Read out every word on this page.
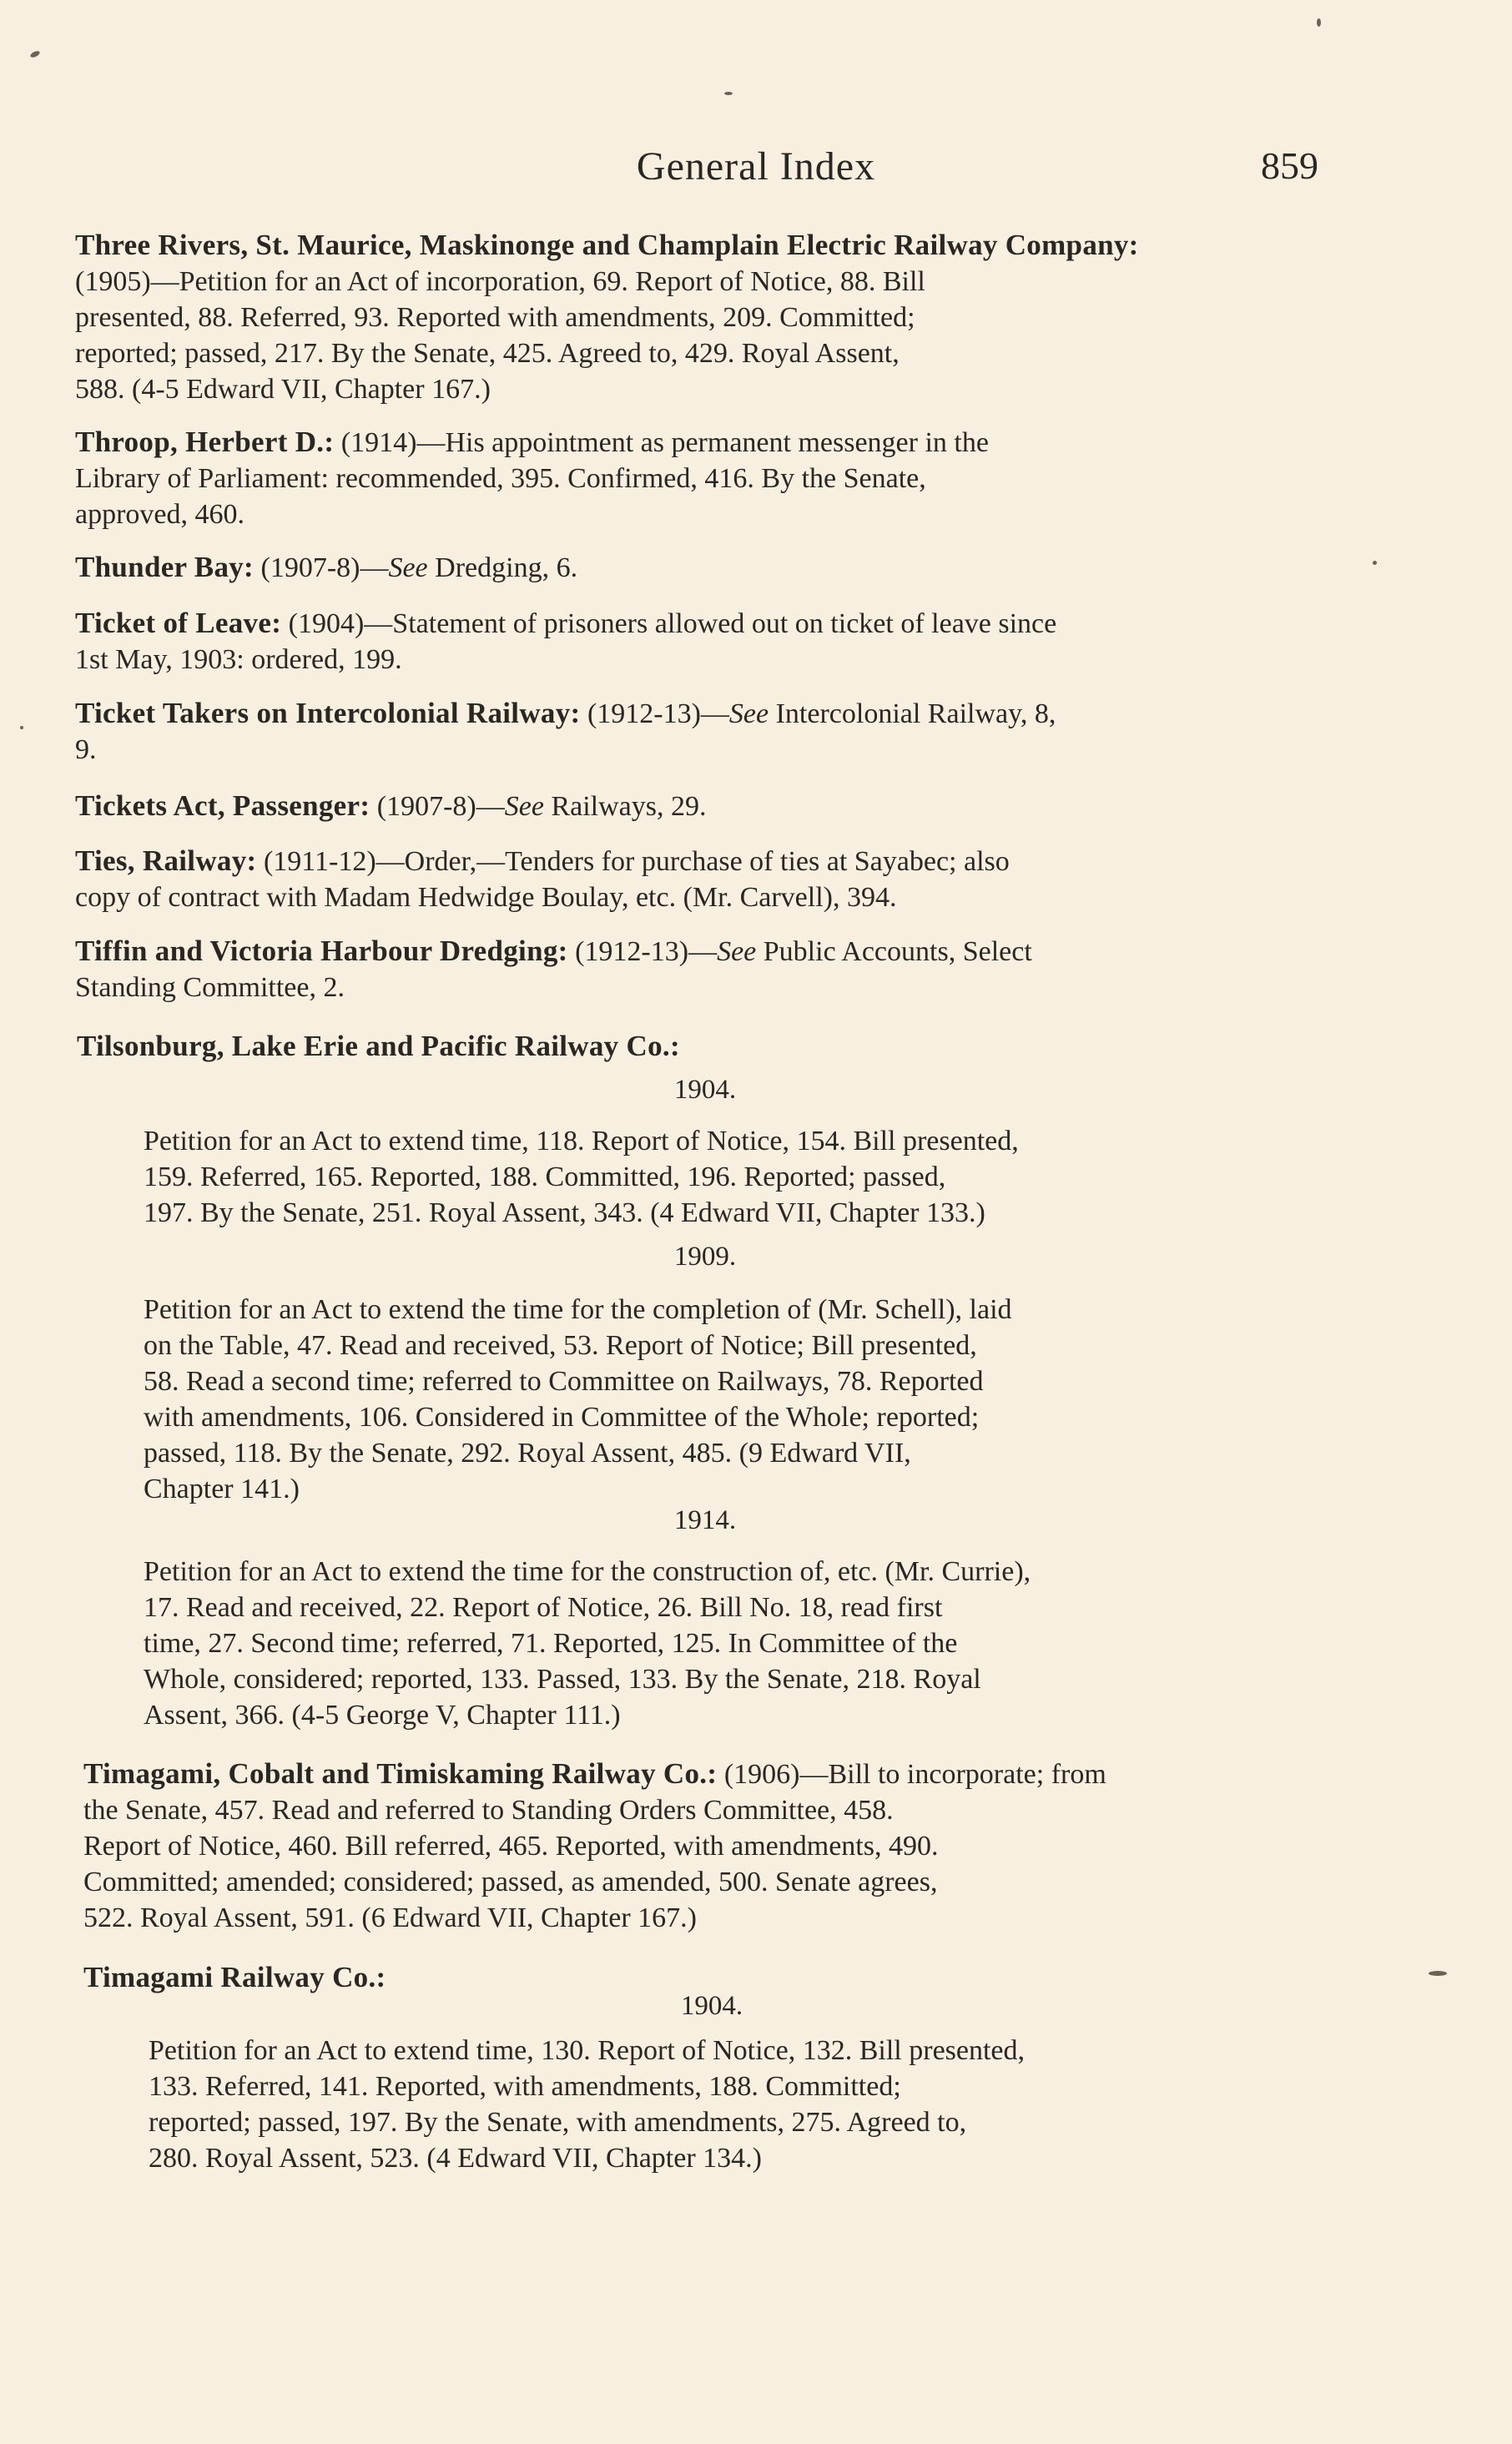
General Index	859
Three Rivers, St. Maurice, Maskinonge and Champlain Electric Railway Company:
(1905)—Petition for an Act of incorporation, 69. Report of Notice, 88. Bill
presented, 88. Referred, 93. Reported with amendments, 209. Committed;
reported; passed, 217. By the Senate, 425. Agreed to, 429. Royal Assent,
588. (4-5 Edward VII, Chapter 167.)
Throop, Herbert D.: (1914)—His appointment as permanent messenger in the
Library of Parliament: recommended, 395. Confirmed, 416. By the Senate,
approved, 460.
Thunder Bay: (1907-8)—See Dredging, 6.
Ticket of Leave: (1904)—Statement of prisoners allowed out on ticket of leave since
1st May, 1903: ordered, 199.
Ticket Takers on Intercolonial Railway: (1912-13)—See Intercolonial Railway, 8,
9.
Tickets Act, Passenger: (1907-8)—See Railways, 29.
Ties, Railway: (1911-12)—Order,—Tenders for purchase of ties at Sayabec; also
copy of contract with Madam Hedwidge Boulay, etc. (Mr. Carvell), 394.
Tiffin and Victoria Harbour Dredging: (1912-13)—See Public Accounts, Select
Standing Committee, 2.
Tilsonburg, Lake Erie and Pacific Railway Co.:
1904.
Petition for an Act to extend time, 118. Report of Notice, 154. Bill presented,
159. Referred, 165. Reported, 188. Committed, 196. Reported; passed,
197. By the Senate, 251. Royal Assent, 343. (4 Edward VII, Chapter 133.)
1909.
Petition for an Act to extend the time for the completion of (Mr. Schell), laid
on the Table, 47. Read and received, 53. Report of Notice; Bill presented,
58. Read a second time; referred to Committee on Railways, 78. Reported
with amendments, 106. Considered in Committee of the Whole; reported;
passed, 118. By the Senate, 292. Royal Assent, 485. (9 Edward VII,
Chapter 141.)
1914.
Petition for an Act to extend the time for the construction of, etc. (Mr. Currie),
17. Read and received, 22. Report of Notice, 26. Bill No. 18, read first
time, 27. Second time; referred, 71. Reported, 125. In Committee of the
Whole, considered; reported, 133. Passed, 133. By the Senate, 218. Royal
Assent, 366. (4-5 George V, Chapter 111.)
Timagami, Cobalt and Timiskaming Railway Co.: (1906)—Bill to incorporate; from
the Senate, 457. Read and referred to Standing Orders Committee, 458.
Report of Notice, 460. Bill referred, 465. Reported, with amendments, 490.
Committed; amended; considered; passed, as amended, 500. Senate agrees,
522. Royal Assent, 591. (6 Edward VII, Chapter 167.)
Timagami Railway Co.:
1904.
Petition for an Act to extend time, 130. Report of Notice, 132. Bill presented,
133. Referred, 141. Reported, with amendments, 188. Committed;
reported; passed, 197. By the Senate, with amendments, 275. Agreed to,
280. Royal Assent, 523. (4 Edward VII, Chapter 134.)
